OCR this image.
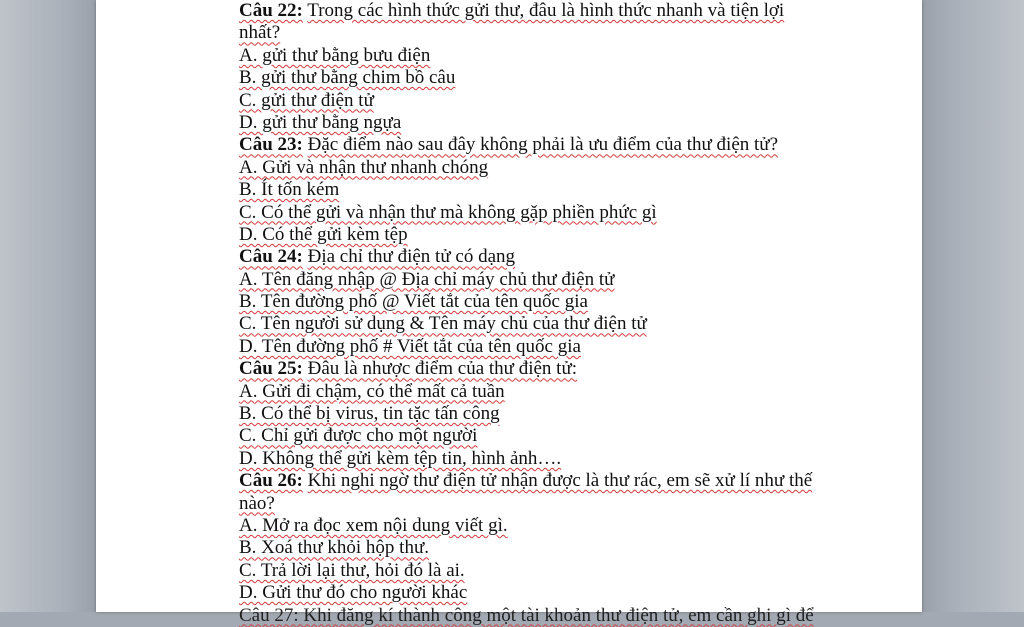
Câu 22: Trong các hình thức gửi thư, đâu là hình thức nhanh và tiện lợi
nhất?
A. gửi thư bằng bưu điện
B. gửi thư bằng chim bồ câu
C. gửi thư điện tử
D. gửi thư bằng ngựa
Câu 23: Đặc điểm nào sau đây không phải là ưu điểm của thư điện tử?
A. Gửi và nhận thư nhanh chóng
B. Ít tốn kém
C. Có thể gửi và nhận thư mà không gặp phiền phức gì
D. Có thể gửi kèm tệp
Câu 24: Địa chỉ thư điện tử có dạng
A. Tên đăng nhập @ Địa chỉ máy chủ thư điện tử
B. Tên đường phố @ Viết tắt của tên quốc gia
C. Tên người sử dụng & Tên máy chủ của thư điện tử
D. Tên đường phố # Viết tắt của tên quốc gia
Câu 25: Đâu là nhược điểm của thư điện tử:
A. Gửi đi chậm, có thể mất cả tuần
B. Có thể bị virus, tin tặc tấn công
C. Chỉ gửi được cho một người
D. Không thể gửi kèm tệp tin, hình ảnh….
Câu 26: Khi nghi ngờ thư điện tử nhận được là thư rác, em sẽ xử lí như thế
nào?
A. Mở ra đọc xem nội dung viết gì.
B. Xoá thư khỏi hộp thư.
C. Trả lời lại thư, hỏi đó là ai.
D. Gửi thư đó cho người khác
Câu 27: Khi đăng kí thành công một tài khoản thư điện tử, em cần ghi gì để
